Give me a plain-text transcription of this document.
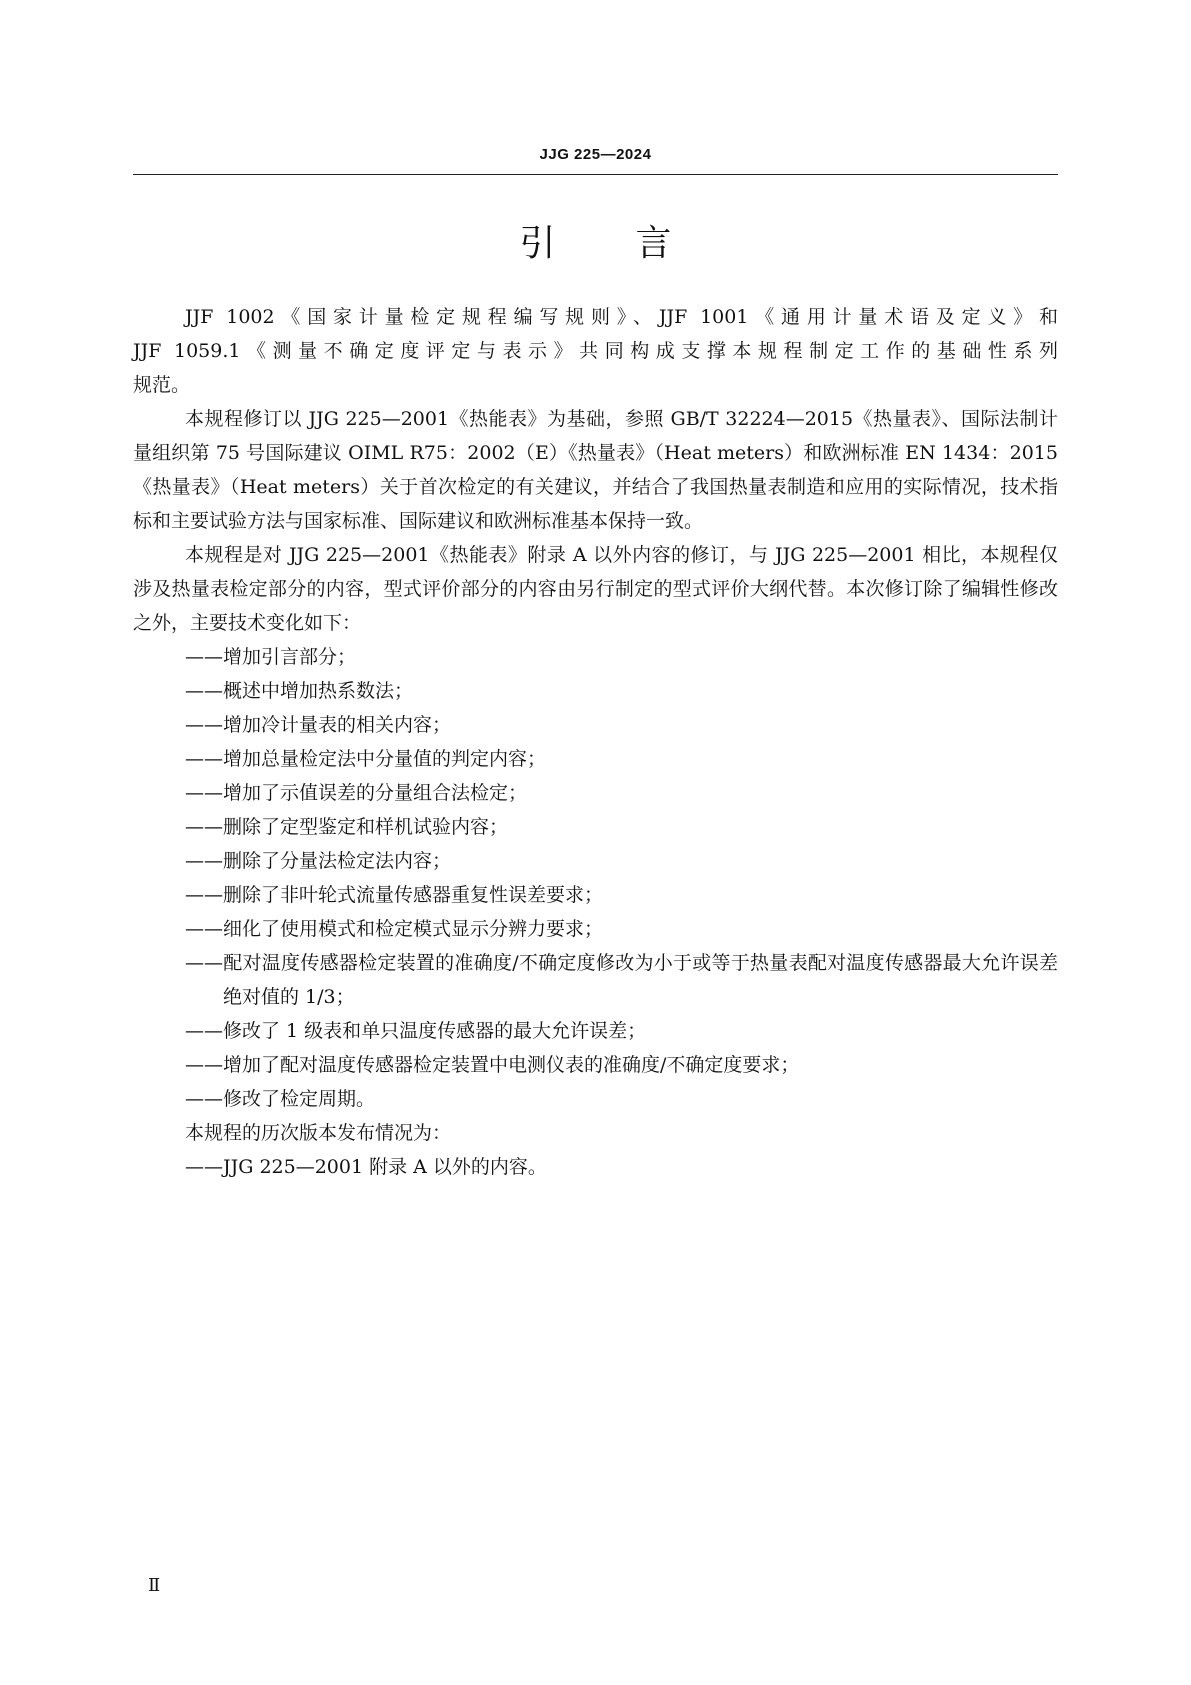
JJG 225—2024
引 言

JJF 1002《国家计量检定规程编写规则》、JJF 1001《通用计量术语及定义》和

JJF 1059.1《测量不确定度评定与表示》共同构成支撑本规程制定工作的基础性系列

规范。

本规程修订以 JJG 225—2001《热能表》为基础，参照 GB/T 32224—2015《热量表》、国际法制计量组织第 75 号国际建议 OIML R75：2002（E）《热量表》（Heat meters）和欧洲标准 EN 1434：2015《热量表》（Heat meters）关于首次检定的有关建议，并结合了我国热量表制造和应用的实际情况，技术指标和主要试验方法与国家标准、国际建议和欧洲标准基本保持一致。

本规程是对 JJG 225—2001《热能表》附录 A 以外内容的修订，与 JJG 225—2001 相比，本规程仅涉及热量表检定部分的内容，型式评价部分的内容由另行制定的型式评价大纲代替。本次修订除了编辑性修改之外，主要技术变化如下：

——增加引言部分；

——概述中增加热系数法；

——增加冷计量表的相关内容；

——增加总量检定法中分量值的判定内容；

——增加了示值误差的分量组合法检定；

——删除了定型鉴定和样机试验内容；

——删除了分量法检定法内容；

——删除了非叶轮式流量传感器重复性误差要求；

——细化了使用模式和检定模式显示分辨力要求；

——配对温度传感器检定装置的准确度/不确定度修改为小于或等于热量表配对温度传感器最大允许误差绝对值的 1/3；

——修改了 1 级表和单只温度传感器的最大允许误差；

——增加了配对温度传感器检定装置中电测仪表的准确度/不确定度要求；

——修改了检定周期。

本规程的历次版本发布情况为：

——JJG 225—2001 附录 A 以外的内容。

Ⅱ
